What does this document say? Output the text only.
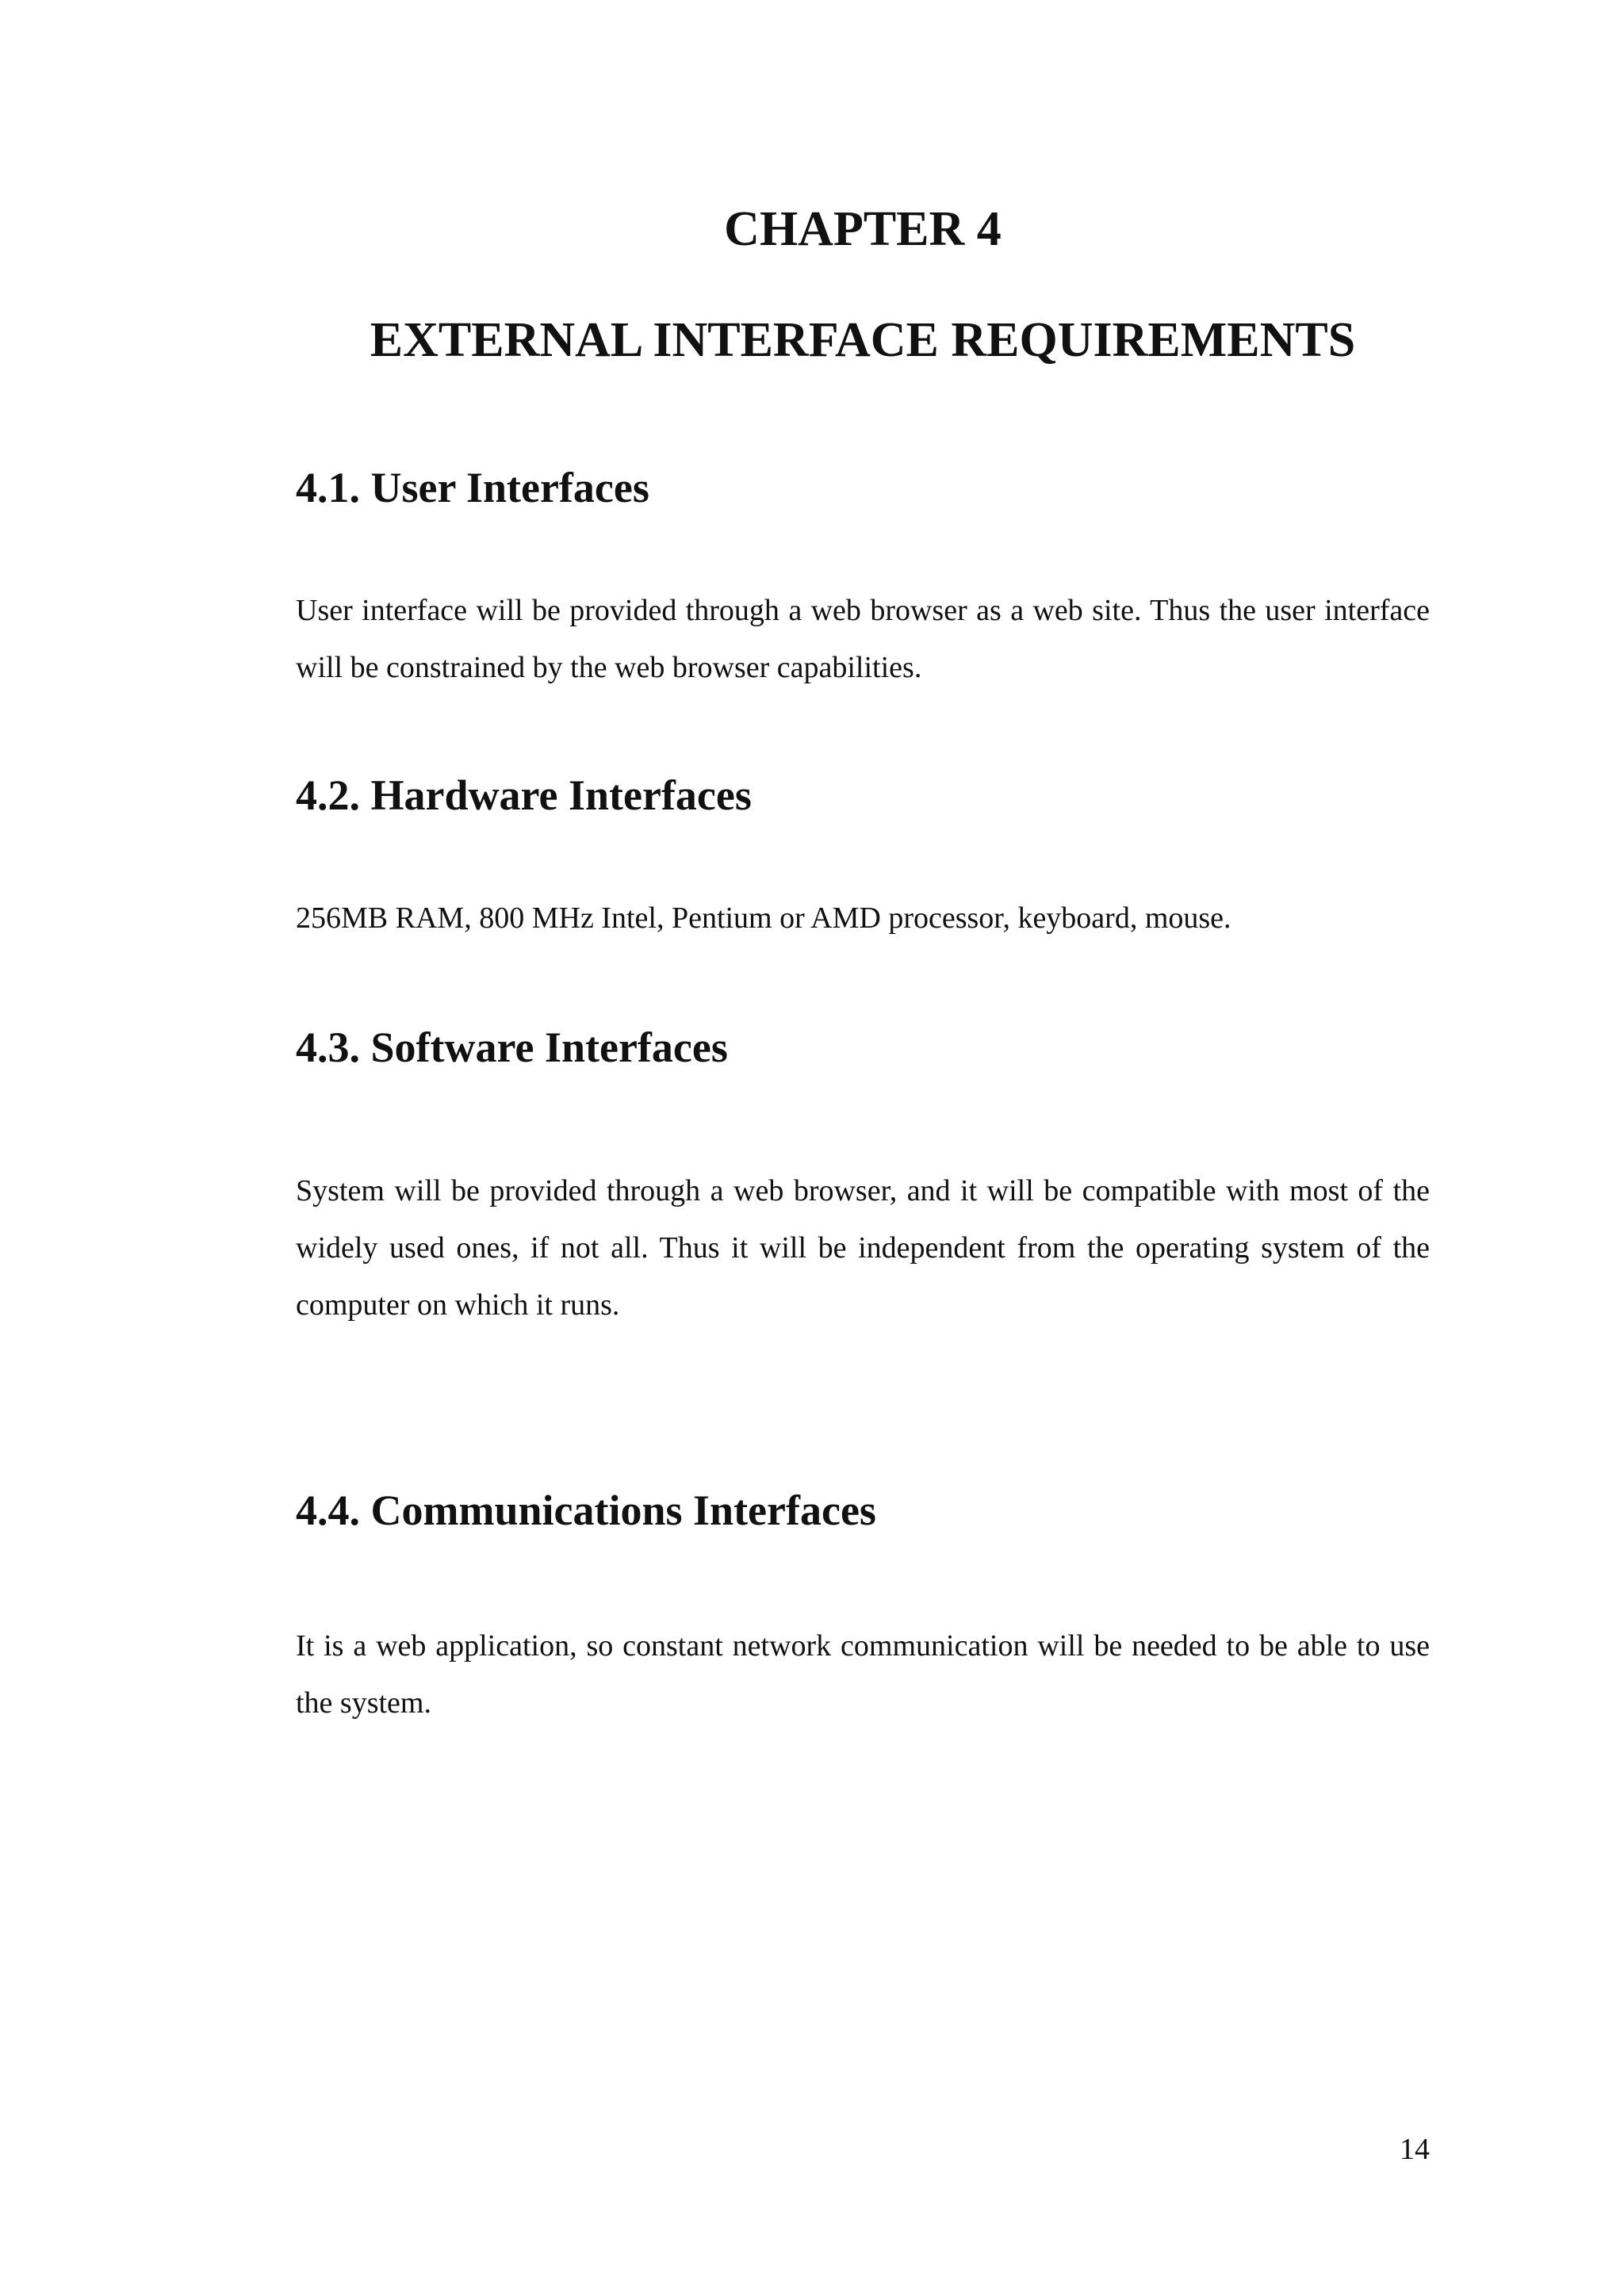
CHAPTER 4
EXTERNAL INTERFACE REQUIREMENTS
4.1. User Interfaces

User interface will be provided through a web browser as a web site. Thus the user interface will be constrained by the web browser capabilities.

4.2. Hardware Interfaces

256MB RAM, 800 MHz Intel, Pentium or AMD processor, keyboard, mouse.

4.3. Software Interfaces

System will be provided through a web browser, and it will be compatible with most of the widely used ones, if not all. Thus it will be independent from the operating system of the computer on which it runs.

4.4. Communications Interfaces

It is a web application, so constant network communication will be needed to be able to use the system.

14
